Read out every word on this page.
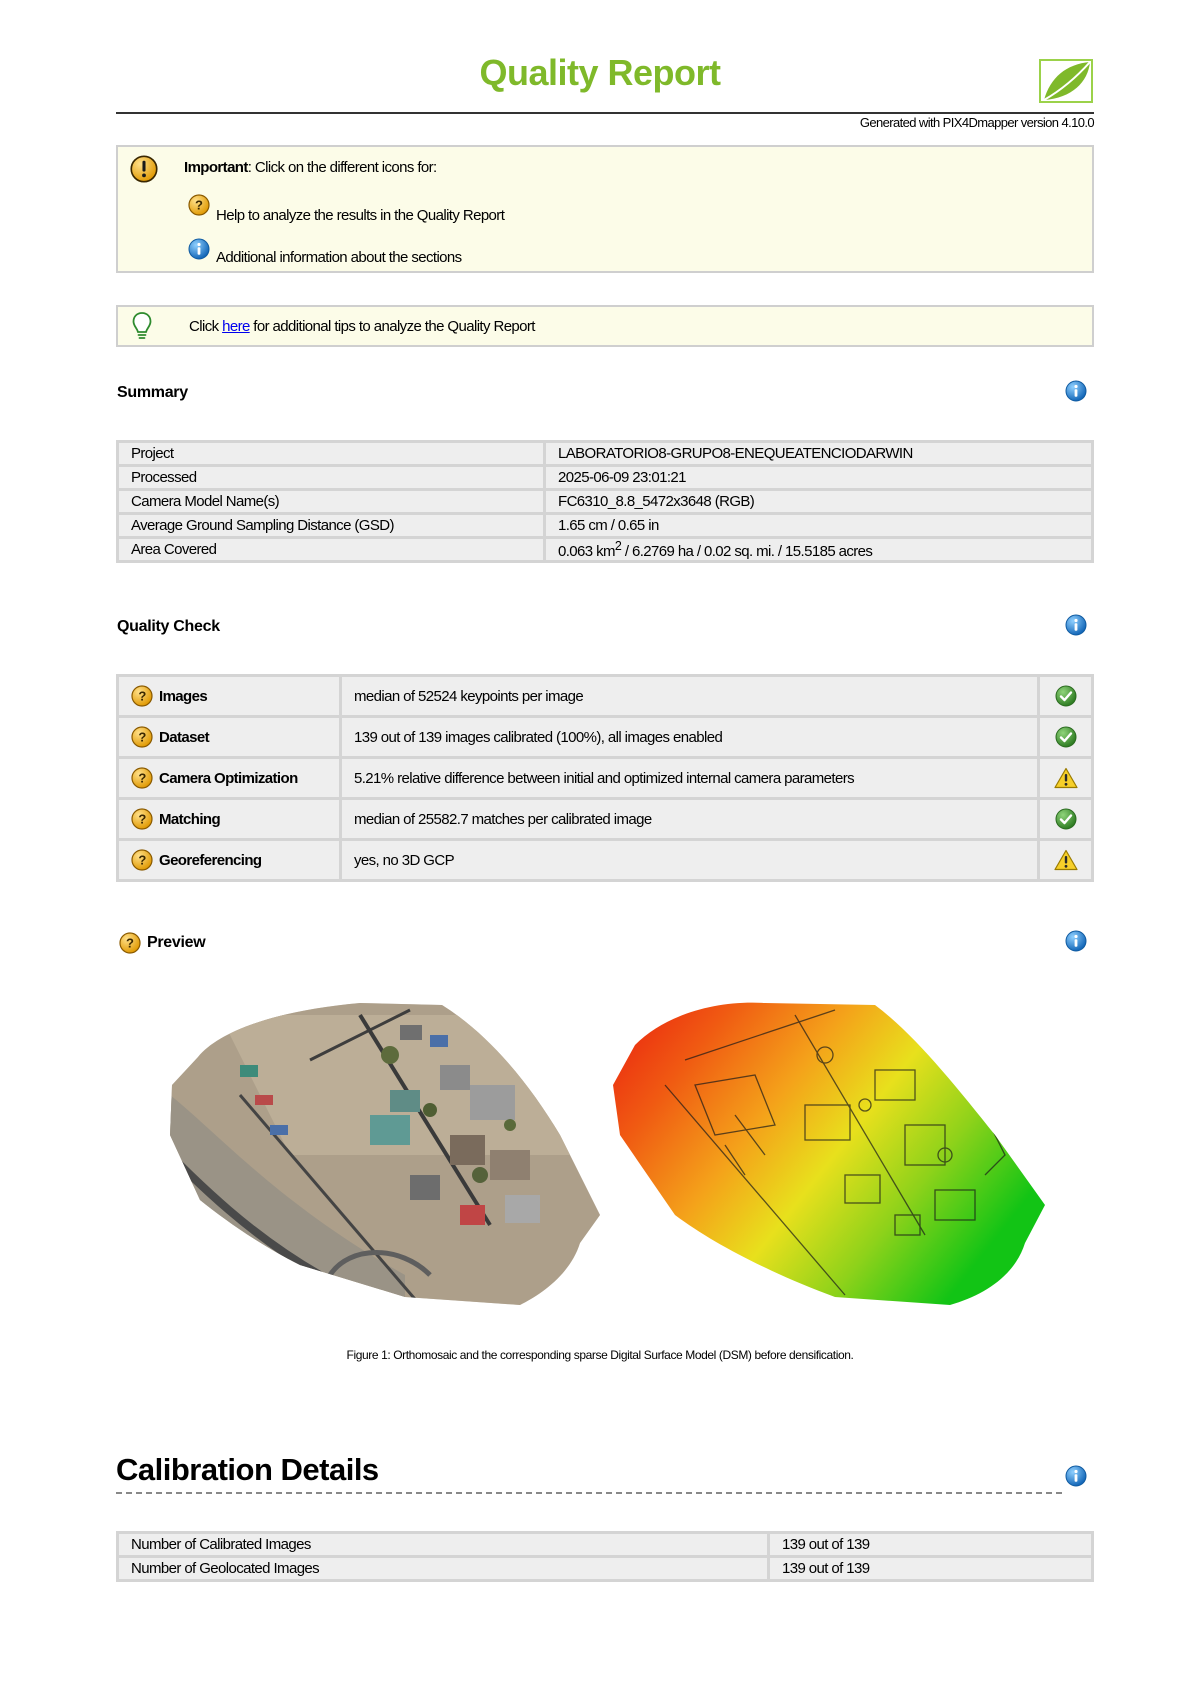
Quality Report
Generated with PIX4Dmapper version 4.10.0
Important: Click on the different icons for:
Help to analyze the results in the Quality Report
Additional information about the sections
Click here for additional tips to analyze the Quality Report
Summary
Project	LABORATORIO8-GRUPO8-ENEQUEATENCIODARWIN
Processed	2025-06-09 23:01:21
Camera Model Name(s)	FC6310_8.8_5472x3648 (RGB)
Average Ground Sampling Distance (GSD)	1.65 cm / 0.65 in
Area Covered	0.063 $km^2 / 6.2769$ ha / 0.02 sq. mi. / 15.5185 acres
Quality Check
Images	median of 52524 keypoints per image	

Dataset	139 out of 139 images calibrated (100%), all images enabled	

Camera Optimization	5.21% relative difference between initial and optimized internal camera parameters	

Matching	median of 25582.7 matches per calibrated image	

Georeferencing	yes, no 3D GCP	
Preview
Figure 1: Orthomosaic and the corresponding sparse Digital Surface Model (DSM) before densification.
Calibration Details
Number of Calibrated Images	139 out of 139
Number of Geolocated Images	139 out of 139
